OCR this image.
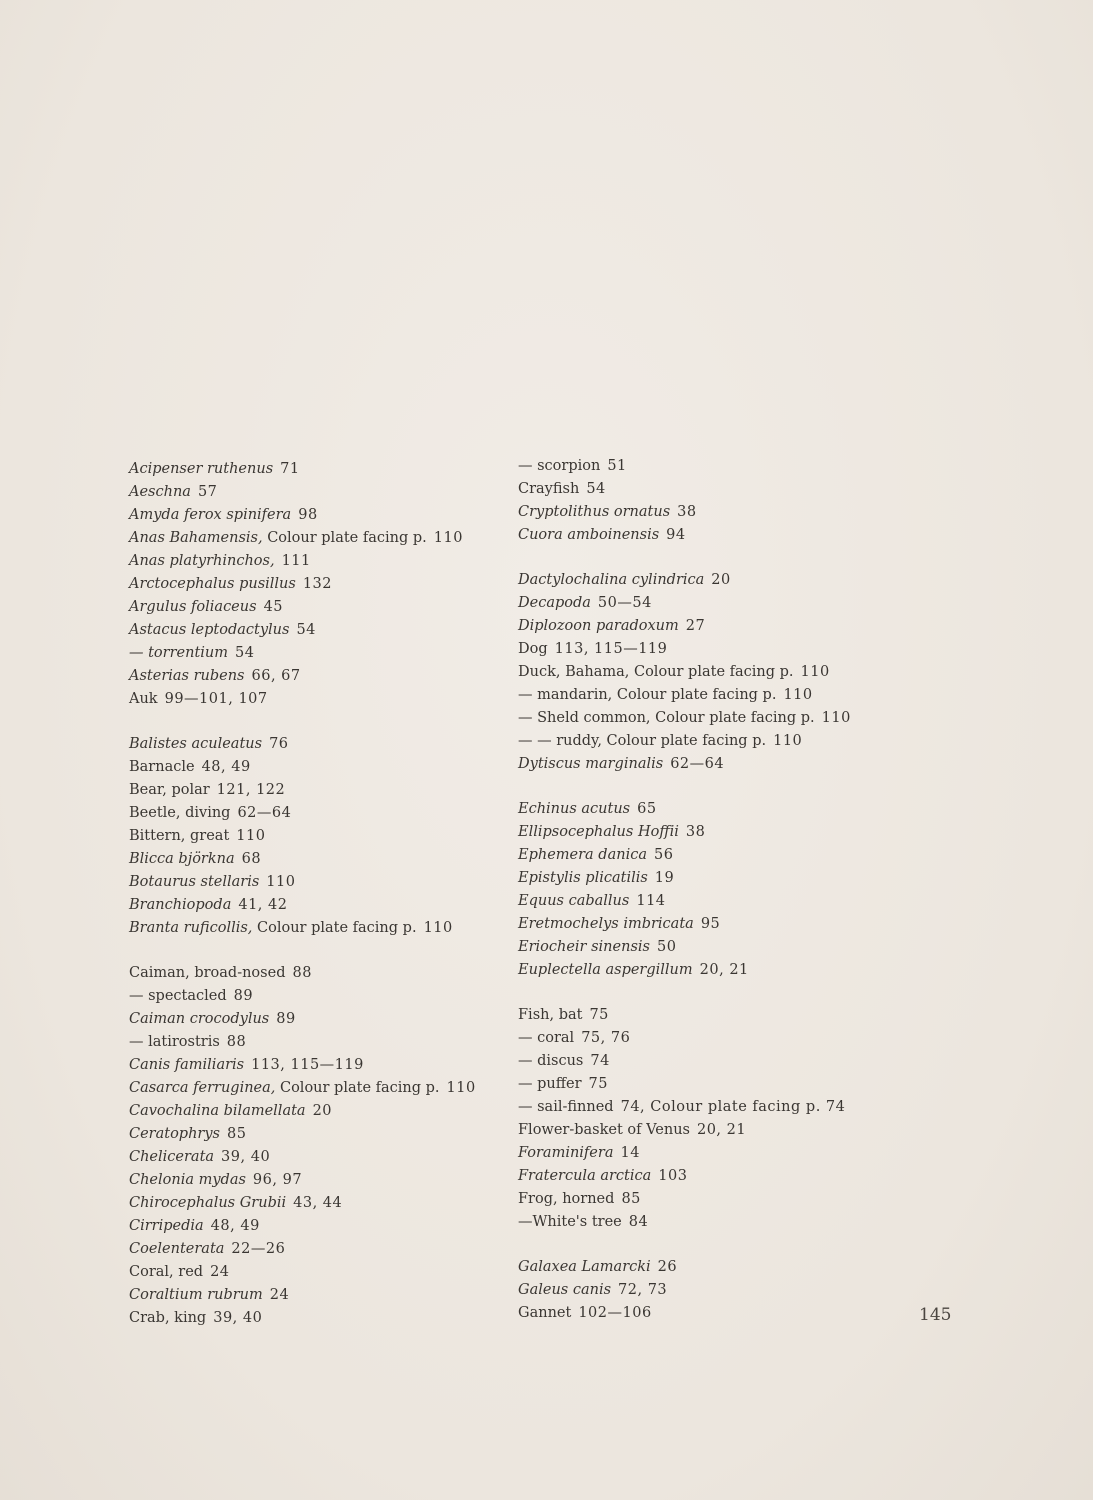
Acipenser ruthenus 71
Aeschna 57
Amyda ferox spinifera 98
Anas Bahamensis, Colour plate facing p. 110
Anas platyrhinchos, 111
Arctocephalus pusillus 132
Argulus foliaceus 45
Astacus leptodactylus 54
— torrentium 54
Asterias rubens 66, 67
Auk 99—101, 107
Balistes aculeatus 76
Barnacle 48, 49
Bear, polar 121, 122
Beetle, diving 62—64
Bittern, great 110
Blicca björkna 68
Botaurus stellaris 110
Branchiopoda 41, 42
Branta ruficollis, Colour plate facing p. 110
Caiman, broad-nosed 88
— spectacled 89
Caiman crocodylus 89
— latirostris 88
Canis familiaris 113, 115—119
Casarca ferruginea, Colour plate facing p. 110
Cavochalina bilamellata 20
Ceratophrys 85
Chelicerata 39, 40
Chelonia mydas 96, 97
Chirocephalus Grubii 43, 44
Cirripedia 48, 49
Coelenterata 22—26
Coral, red 24
Coraltium rubrum 24
Crab, king 39, 40
— scorpion 51
Crayfish 54
Cryptolithus ornatus 38
Cuora amboinensis 94
Dactylochalina cylindrica 20
Decapoda 50—54
Diplozoon paradoxum 27
Dog 113, 115—119
Duck, Bahama, Colour plate facing p. 110
— mandarin, Colour plate facing p. 110
— Sheld common, Colour plate facing p. 110
— — ruddy, Colour plate facing p. 110
Dytiscus marginalis 62—64
Echinus acutus 65
Ellipsocephalus Hoffii 38
Ephemera danica 56
Epistylis plicatilis 19
Equus caballus 114
Eretmochelys imbricata 95
Eriocheir sinensis 50
Euplectella aspergillum 20, 21
Fish, bat 75
— coral 75, 76
— discus 74
— puffer 75
— sail-finned 74, Colour plate facing p. 74
Flower-basket of Venus 20, 21
Foraminifera 14
Fratercula arctica 103
Frog, horned 85
—White's tree 84
Galaxea Lamarcki 26
Galeus canis 72, 73
Gannet 102—106	145
